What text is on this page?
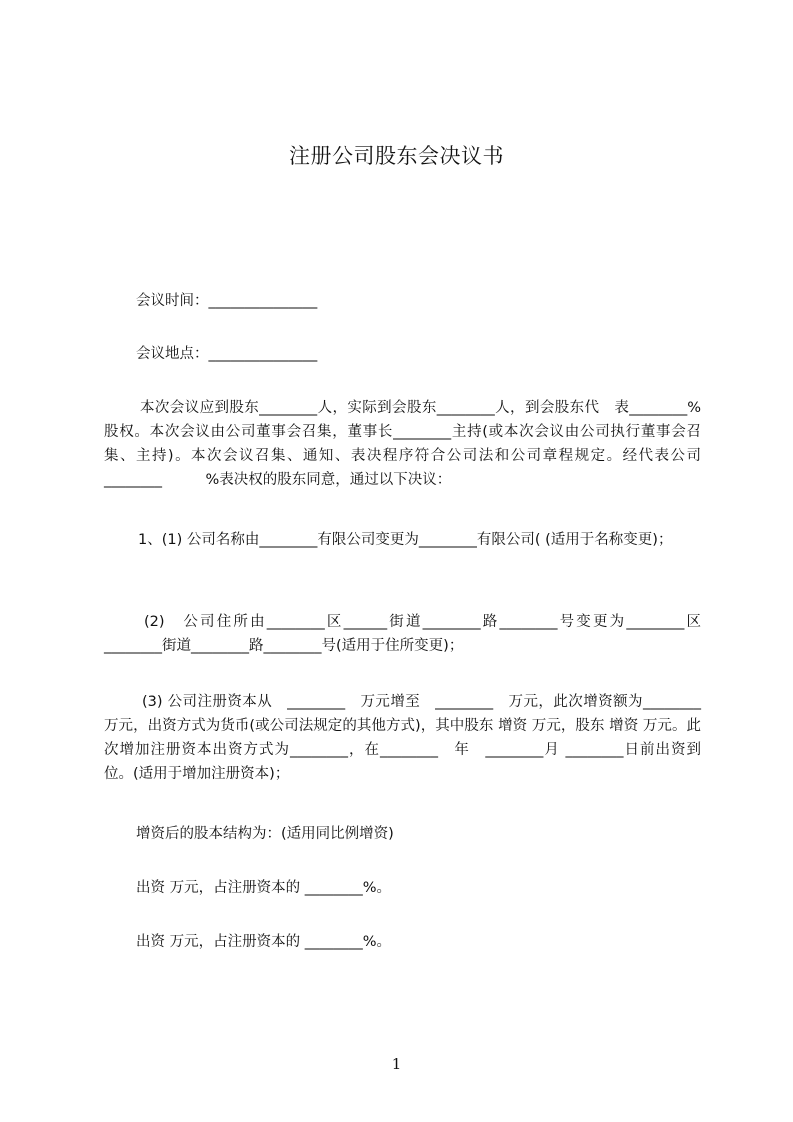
注册公司股东会决议书
会议时间：_______________
会议地点：_______________
本次会议应到股东________人，实际到会股东________人，到会股东代　表________%股权。本次会议由公司董事会召集，董事长________主持(或本次会议由公司执行董事会召集、主持)。本次会议召集、通知、表决程序符合公司法和公司章程规定。经代表公司________　　　%表决权的股东同意，通过以下决议：
1、(1) 公司名称由________有限公司变更为________有限公司( (适用于名称变更)；
(2)　公司住所由________区______街道________路________号变更为________区________街道________路________号(适用于住所变更)；
(3) 公司注册资本从　________　万元增至　________　万元，此次增资额为________　万元，出资方式为货币(或公司法规定的其他方式)，其中股东 增资 万元，股东 增资 万元。此次增加注册资本出资方式为________，在________　年　________月 ________日前出资到位。(适用于增加注册资本)；
增资后的股本结构为：(适用同比例增资)
出资 万元，占注册资本的 ________%。
出资 万元，占注册资本的 ________%。
1
